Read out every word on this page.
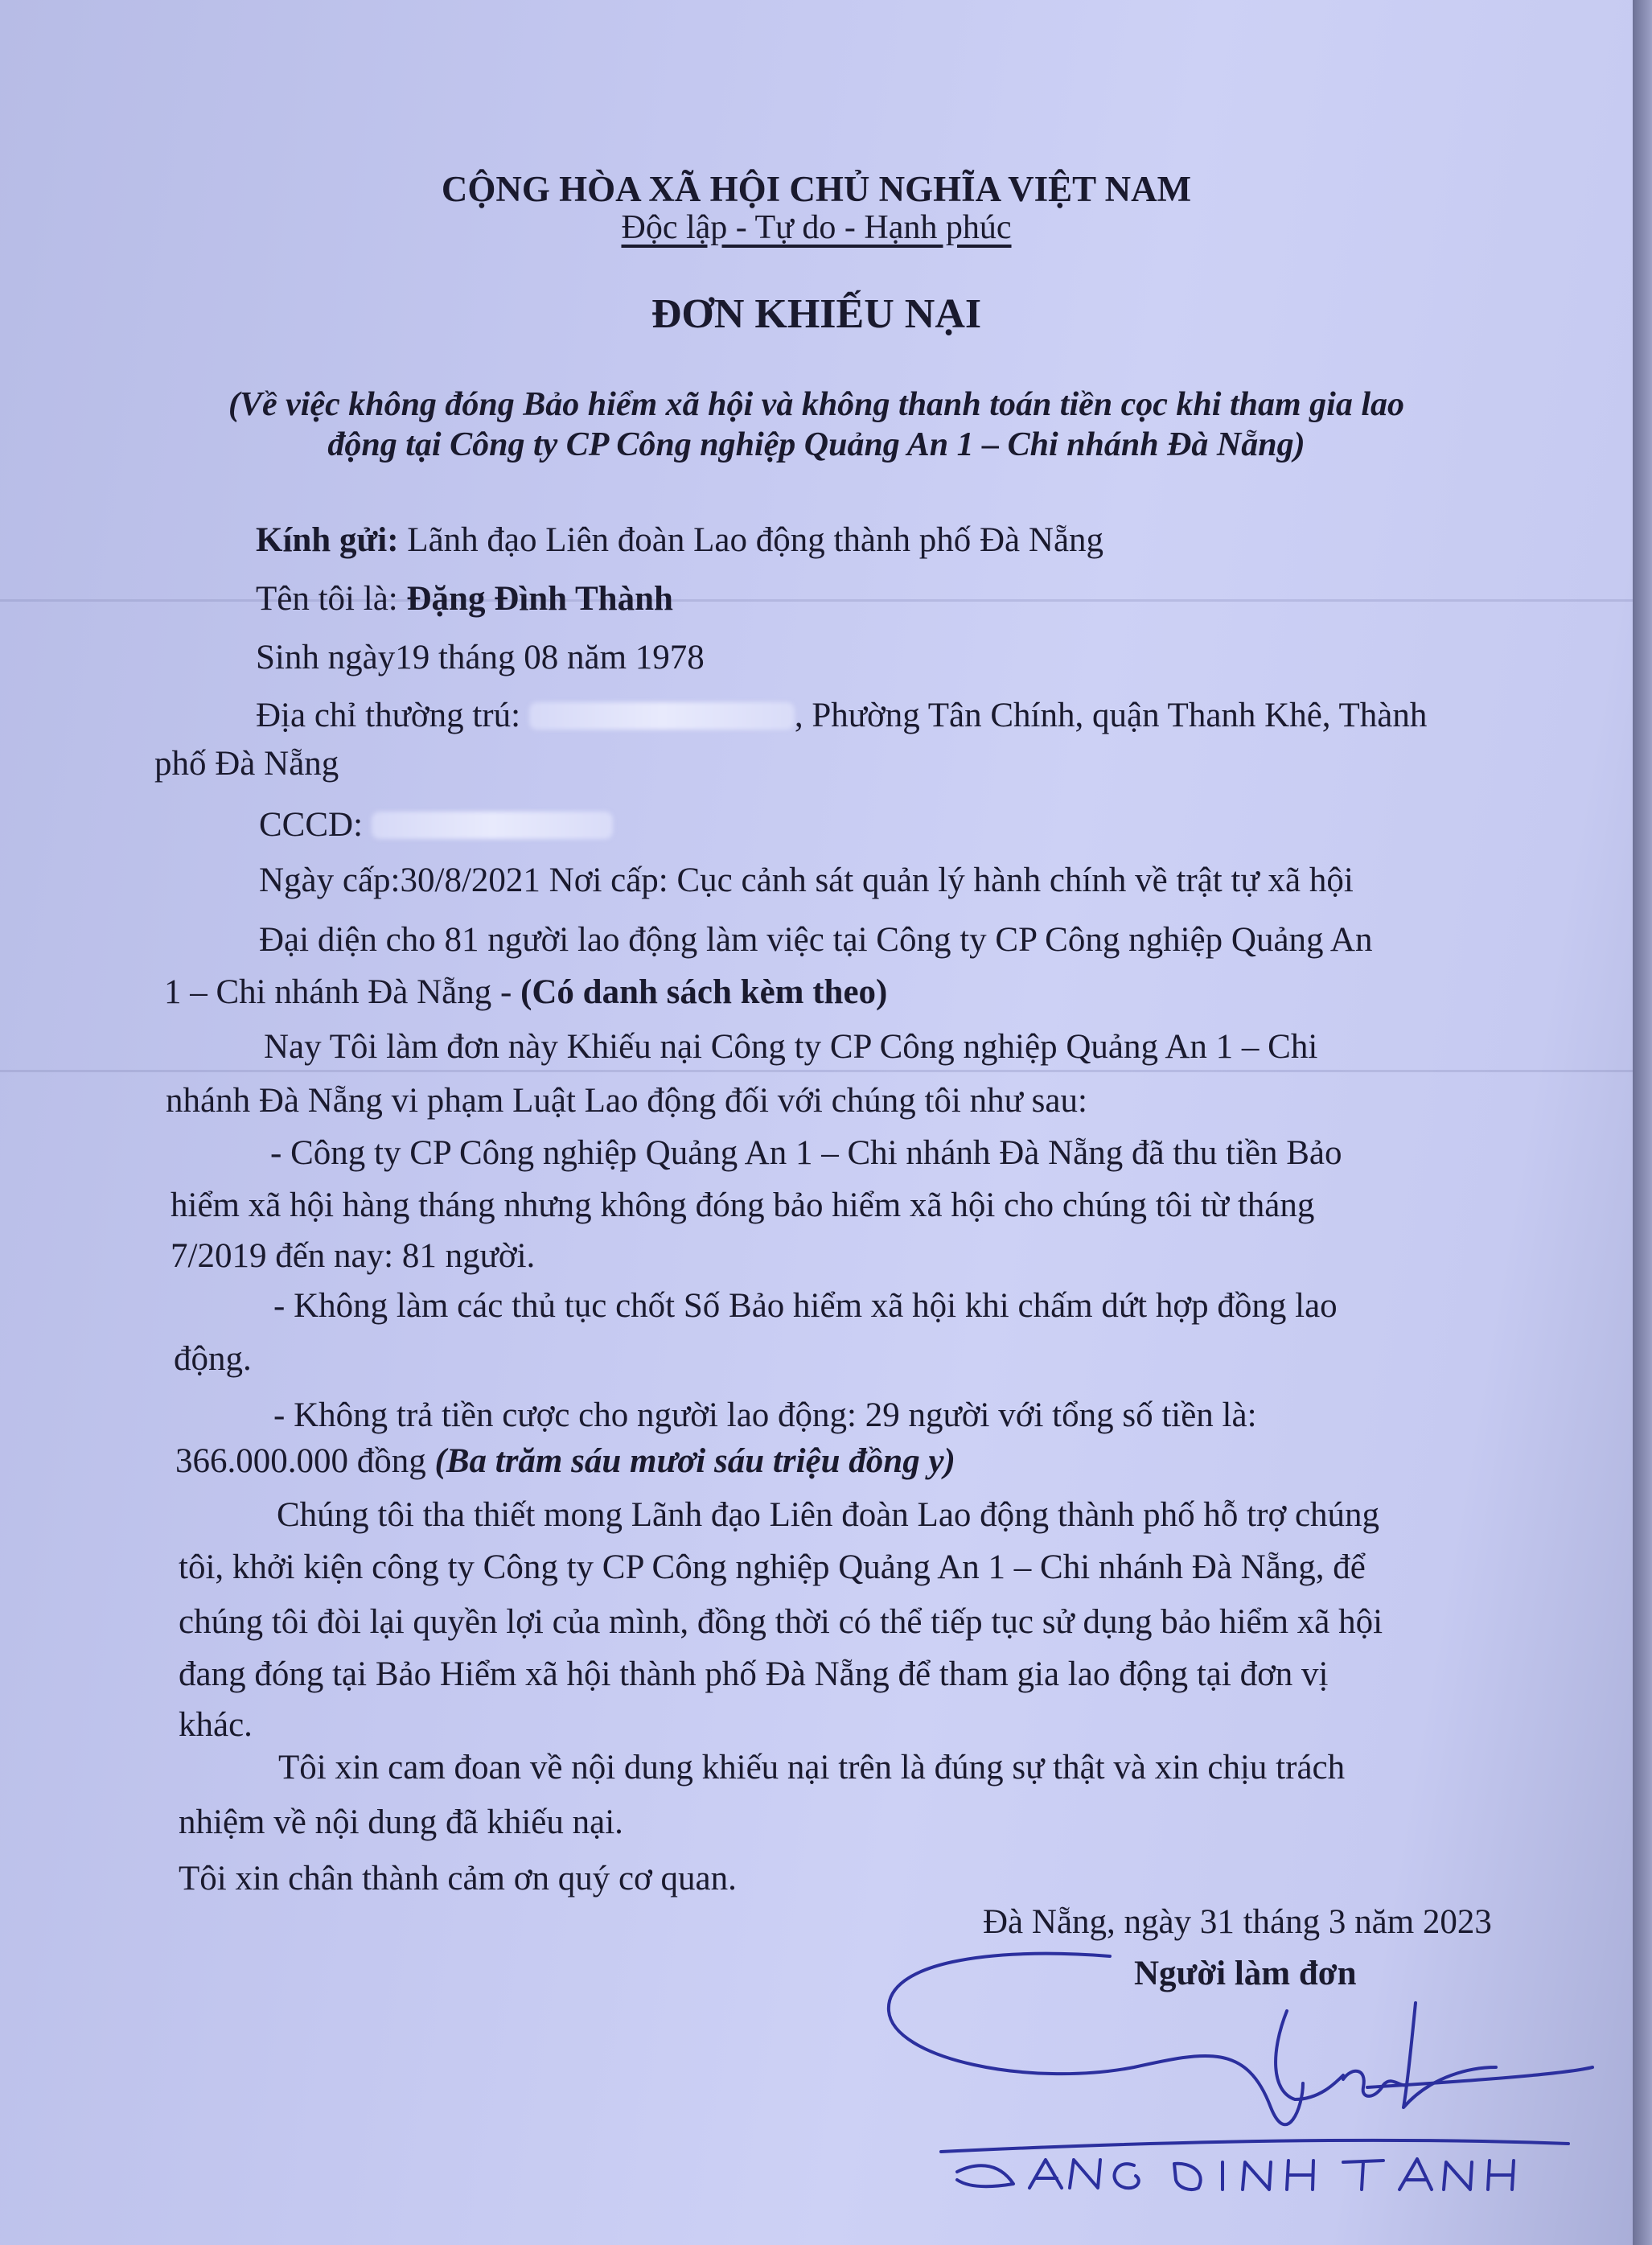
CỘNG HÒA XÃ HỘI CHỦ NGHĨA VIỆT NAM
Độc lập - Tự do - Hạnh phúc
ĐƠN KHIẾU NẠI
(Về việc không đóng Bảo hiểm xã hội và không thanh toán tiền cọc khi tham gia lao
động tại Công ty CP Công nghiệp Quảng An 1 – Chi nhánh Đà Nẵng)
Kính gửi: Lãnh đạo Liên đoàn Lao động thành phố Đà Nẵng
Tên tôi là: Đặng Đình Thành
Sinh ngày19 tháng 08 năm 1978
Địa chỉ thường trú:	, Phường Tân Chính, quận Thanh Khê, Thành
phố Đà Nẵng
CCCD:
Ngày cấp:30/8/2021 Nơi cấp: Cục cảnh sát quản lý hành chính về trật tự xã hội
Đại diện cho 81 người lao động làm việc tại Công ty CP Công nghiệp Quảng An
1 – Chi nhánh Đà Nẵng - (Có danh sách kèm theo)
Nay Tôi làm đơn này Khiếu nại Công ty CP Công nghiệp Quảng An 1 – Chi
nhánh Đà Nẵng vi phạm Luật Lao động đối với chúng tôi như sau:
- Công ty CP Công nghiệp Quảng An 1 – Chi nhánh Đà Nẵng đã thu tiền Bảo
hiểm xã hội hàng tháng nhưng không đóng bảo hiểm xã hội cho chúng tôi từ tháng
7/2019 đến nay: 81 người.
- Không làm các thủ tục chốt Số Bảo hiểm xã hội khi chấm dứt hợp đồng lao
động.
- Không trả tiền cược cho người lao động: 29 người với tổng số tiền là:
366.000.000 đồng (Ba trăm sáu mươi sáu triệu đồng y)
Chúng tôi tha thiết mong Lãnh đạo Liên đoàn Lao động thành phố hỗ trợ chúng
tôi, khởi kiện công ty Công ty CP Công nghiệp Quảng An 1 – Chi nhánh Đà Nẵng, để
chúng tôi đòi lại quyền lợi của mình, đồng thời có thể tiếp tục sử dụng bảo hiểm xã hội
đang đóng tại Bảo Hiểm xã hội thành phố Đà Nẵng để tham gia lao động tại đơn vị
khác.
Tôi xin cam đoan về nội dung khiếu nại trên là đúng sự thật và xin chịu trách
nhiệm về nội dung đã khiếu nại.
Tôi xin chân thành cảm ơn quý cơ quan.
Đà Nẵng, ngày 31 tháng 3 năm 2023
Người làm đơn
